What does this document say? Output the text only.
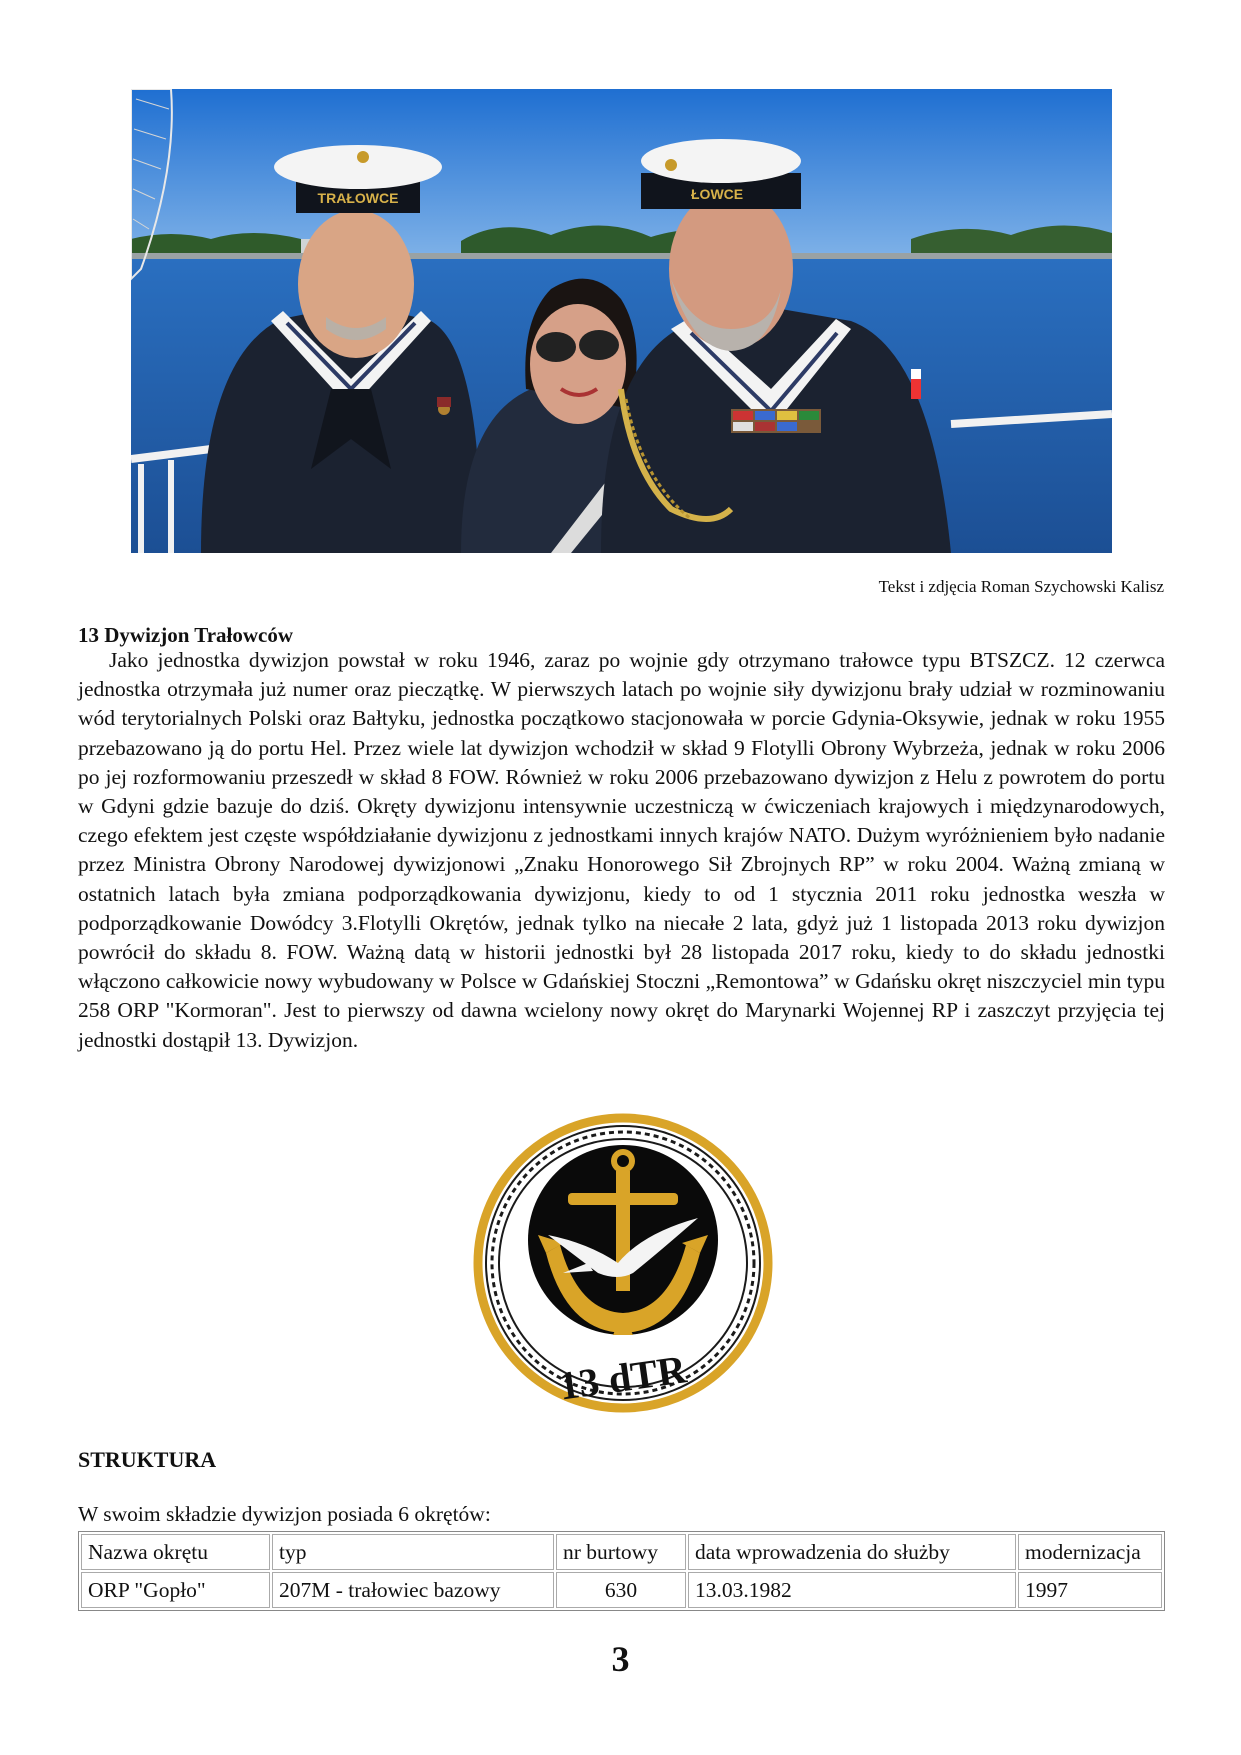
TRAŁOWCE	ŁOWCE
Tekst i zdjęcia Roman Szychowski Kalisz
13 Dywizjon Trałowców

Jako jednostka dywizjon powstał w roku 1946, zaraz po wojnie gdy otrzymano trałowce typu BTSZCZ. 12 czerwca jednostka otrzymała już numer oraz pieczątkę. W pierwszych latach po wojnie siły dywizjonu brały udział w rozminowaniu wód terytorialnych Polski oraz Bałtyku, jednostka początkowo stacjonowała w porcie Gdynia-Oksywie, jednak w roku 1955 przebazowano ją do portu Hel. Przez wiele lat dywizjon wchodził w skład 9 Flotylli Obrony Wybrzeża, jednak w roku 2006 po jej rozformowaniu przeszedł w skład 8 FOW. Również w roku 2006 przebazowano dywizjon z Helu z powrotem do portu w Gdyni gdzie bazuje do dziś. Okręty dywizjonu intensywnie uczestniczą w ćwiczeniach krajowych i międzynarodowych, czego efektem jest częste współdziałanie dywizjonu z jednostkami innych krajów NATO. Dużym wyróżnieniem było nadanie przez Ministra Obrony Narodowej dywizjonowi „Znaku Honorowego Sił Zbrojnych RP” w roku 2004. Ważną zmianą w ostatnich latach była zmiana podporządkowania dywizjonu, kiedy to od 1 stycznia 2011 roku jednostka weszła w podporządkowanie Dowódcy 3.Flotylli Okrętów, jednak tylko na niecałe 2 lata, gdyż już 1 listopada 2013 roku dywizjon powrócił do składu 8. FOW. Ważną datą w historii jednostki był 28 listopada 2017 roku, kiedy to do składu jednostki włączono całkowicie nowy wybudowany w Polsce w Gdańskiej Stoczni „Remontowa” w Gdańsku okręt niszczyciel min typu 258 ORP "Kormoran". Jest to pierwszy od dawna wcielony nowy okręt do Marynarki Wojennej RP i zaszczyt przyjęcia tej jednostki dostąpił 13. Dywizjon.

13 dTR
STRUKTURA
W swoim składzie dywizjon posiada 6 okrętów:
Nazwa okrętu	typ	nr burtowy	data wprowadzenia do służby	modernizacja
ORP "Gopło"	207M - trałowiec bazowy	630	13.03.1982	1997
3
